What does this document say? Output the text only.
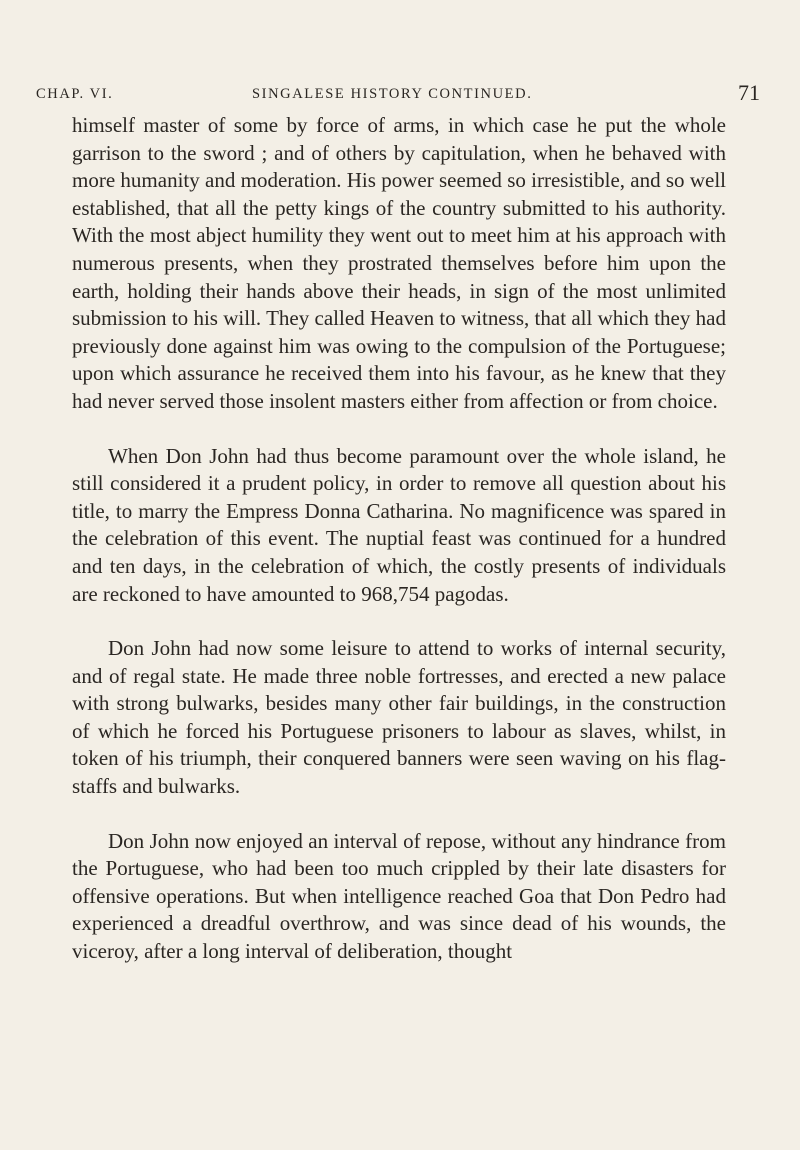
CHAP. VI.	SINGALESE HISTORY CONTINUED.	71

himself master of some by force of arms, in which case he put the whole garrison to the sword ; and of others by capitulation, when he behaved with more humanity and moderation. His power seemed so irresistible, and so well established, that all the petty kings of the country submitted to his authority. With the most abject humility they went out to meet him at his approach with numerous presents, when they prostrated themselves before him upon the earth, holding their hands above their heads, in sign of the most unlimited submission to his will. They called Heaven to witness, that all which they had previously done against him was owing to the compulsion of the Portuguese; upon which assurance he received them into his favour, as he knew that they had never served those insolent masters either from affection or from choice.

When Don John had thus become paramount over the whole island, he still considered it a prudent policy, in order to remove all question about his title, to marry the Empress Donna Catharina. No magnificence was spared in the celebration of this event. The nuptial feast was continued for a hundred and ten days, in the celebration of which, the costly presents of individuals are reckoned to have amounted to 968,754 pagodas.

Don John had now some leisure to attend to works of internal security, and of regal state. He made three noble fortresses, and erected a new palace with strong bulwarks, besides many other fair buildings, in the construction of which he forced his Portuguese prisoners to labour as slaves, whilst, in token of his triumph, their conquered banners were seen waving on his flag-staffs and bulwarks.

Don John now enjoyed an interval of repose, without any hindrance from the Portuguese, who had been too much crippled by their late disasters for offensive operations. But when intelligence reached Goa that Don Pedro had experienced a dreadful overthrow, and was since dead of his wounds, the viceroy, after a long interval of deliberation, thought
